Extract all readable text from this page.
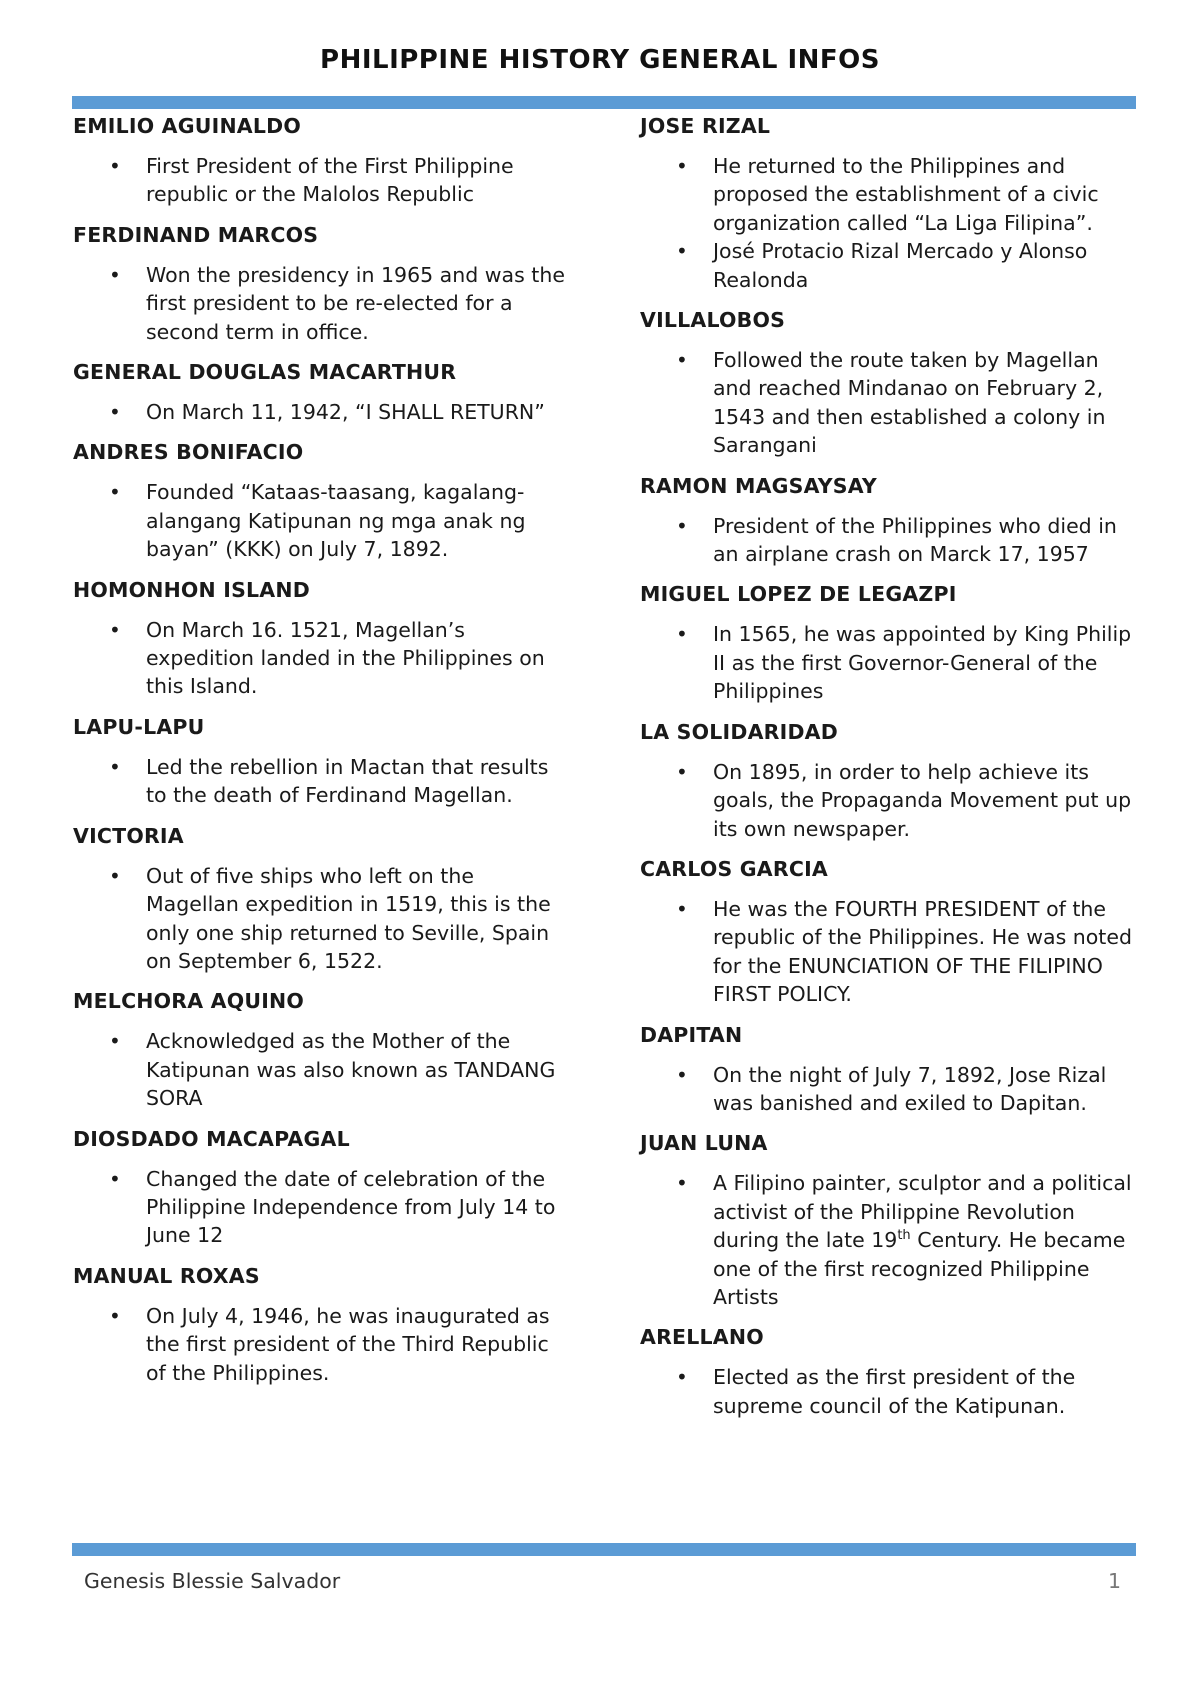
PHILIPPINE HISTORY GENERAL INFOS
EMILIO AGUINALDO
• First President of the First Philippine republic or the Malolos Republic
FERDINAND MARCOS
• Won the presidency in 1965 and was the first president to be re-elected for a second term in office.
GENERAL DOUGLAS MACARTHUR
• On March 11, 1942, “I SHALL RETURN”
ANDRES BONIFACIO
• Founded “Kataas-taasang, kagalang-alangang Katipunan ng mga anak ng bayan” (KKK) on July 7, 1892.
HOMONHON ISLAND
• On March 16. 1521, Magellan’s expedition landed in the Philippines on this Island.
LAPU-LAPU
• Led the rebellion in Mactan that results to the death of Ferdinand Magellan.
VICTORIA
• Out of five ships who left on the Magellan expedition in 1519, this is the only one ship returned to Seville, Spain on September 6, 1522.
MELCHORA AQUINO
• Acknowledged as the Mother of the Katipunan was also known as TANDANG SORA
DIOSDADO MACAPAGAL
• Changed the date of celebration of the Philippine Independence from July 14 to June 12
MANUAL ROXAS
• On July 4, 1946, he was inaugurated as the first president of the Third Republic of the Philippines.
JOSE RIZAL
• He returned to the Philippines and proposed the establishment of a civic organization called “La Liga Filipina”.
• José Protacio Rizal Mercado y Alonso Realonda
VILLALOBOS
• Followed the route taken by Magellan and reached Mindanao on February 2, 1543 and then established a colony in Sarangani
RAMON MAGSAYSAY
• President of the Philippines who died in an airplane crash on Marck 17, 1957
MIGUEL LOPEZ DE LEGAZPI
• In 1565, he was appointed by King Philip II as the first Governor-General of the Philippines
LA SOLIDARIDAD
• On 1895, in order to help achieve its goals, the Propaganda Movement put up its own newspaper.
CARLOS GARCIA
• He was the FOURTH PRESIDENT of the republic of the Philippines. He was noted for the ENUNCIATION OF THE FILIPINO FIRST POLICY.
DAPITAN
• On the night of July 7, 1892, Jose Rizal was banished and exiled to Dapitan.
JUAN LUNA
• A Filipino painter, sculptor and a political activist of the Philippine Revolution during the late 19th Century. He became one of the first recognized Philippine Artists
ARELLANO
• Elected as the first president of the supreme council of the Katipunan.
Genesis Blessie Salvador	1
